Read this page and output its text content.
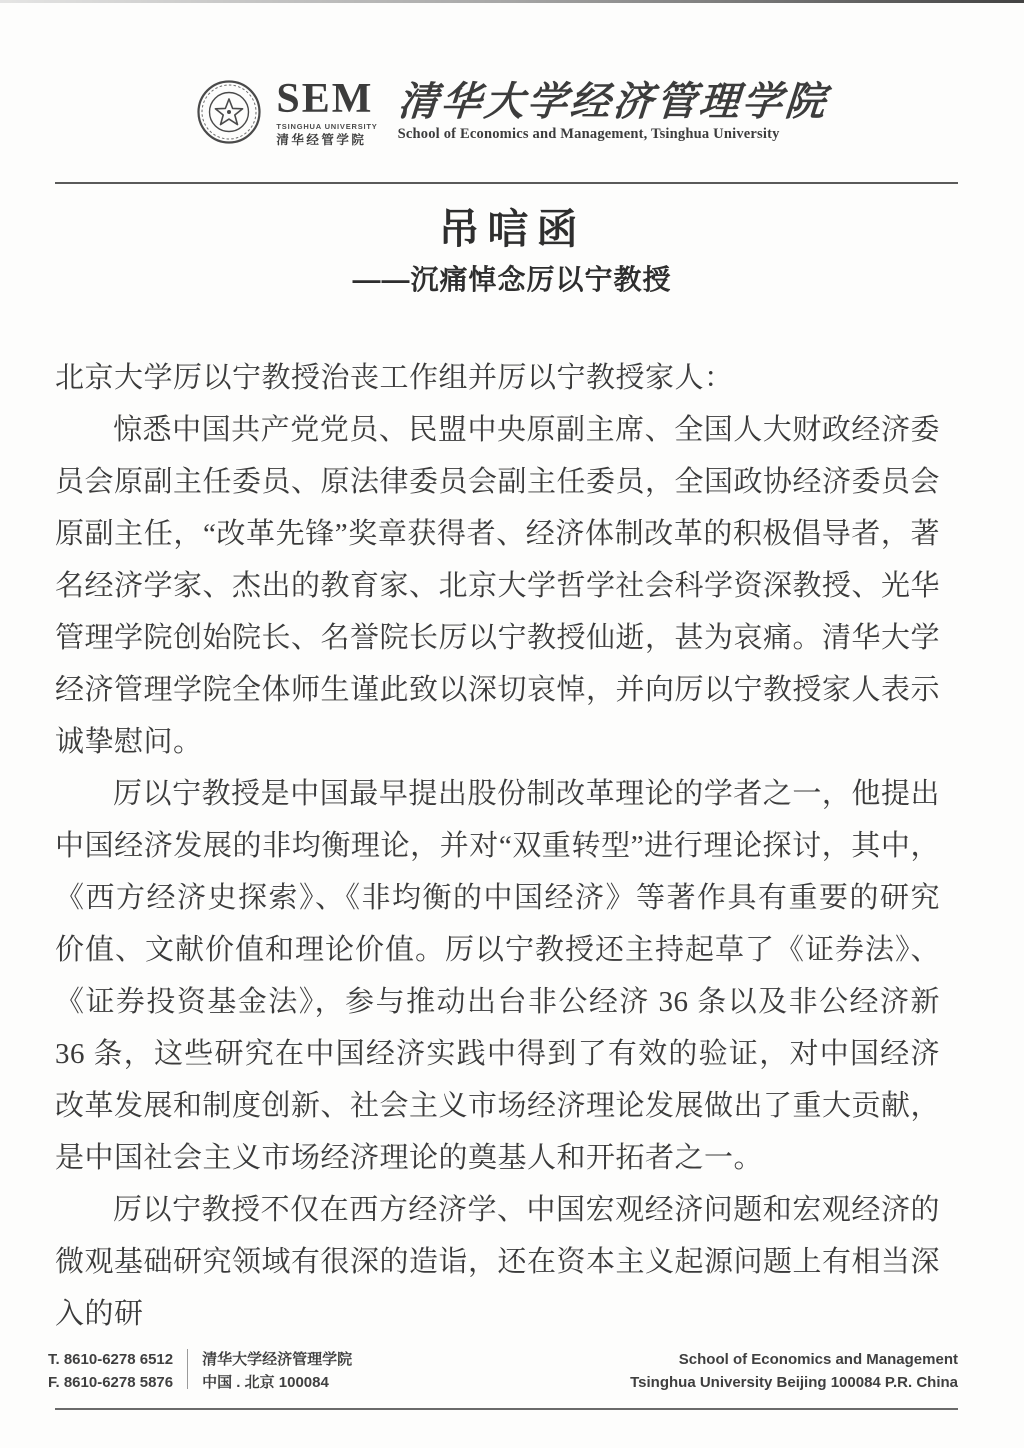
SEM
TSINGHUA UNIVERSITY
清华经管学院
清华大学经济管理学院
School of Economics and Management, Tsinghua University
吊唁函
——沉痛悼念厉以宁教授

北京大学厉以宁教授治丧工作组并厉以宁教授家人：

惊悉中国共产党党员、民盟中央原副主席、全国人大财政经济委员会原副主任委员、原法律委员会副主任委员，全国政协经济委员会原副主任，“改革先锋”奖章获得者、经济体制改革的积极倡导者，著名经济学家、杰出的教育家、北京大学哲学社会科学资深教授、光华管理学院创始院长、名誉院长厉以宁教授仙逝，甚为哀痛。清华大学经济管理学院全体师生谨此致以深切哀悼，并向厉以宁教授家人表示诚挚慰问。

厉以宁教授是中国最早提出股份制改革理论的学者之一，他提出中国经济发展的非均衡理论，并对“双重转型”进行理论探讨，其中，《西方经济史探索》、《非均衡的中国经济》等著作具有重要的研究价值、文献价值和理论价值。厉以宁教授还主持起草了《证券法》、《证券投资基金法》，参与推动出台非公经济 36 条以及非公经济新 36 条，这些研究在中国经济实践中得到了有效的验证，对中国经济改革发展和制度创新、社会主义市场经济理论发展做出了重大贡献，是中国社会主义市场经济理论的奠基人和开拓者之一。

厉以宁教授不仅在西方经济学、中国宏观经济问题和宏观经济的微观基础研究领域有很深的造诣，还在资本主义起源问题上有相当深入的研

T. 8610-6278 6512
F. 8610-6278 5876
清华大学经济管理学院
中国 . 北京 100084
School of Economics and Management
Tsinghua University Beijing 100084 P.R. China
